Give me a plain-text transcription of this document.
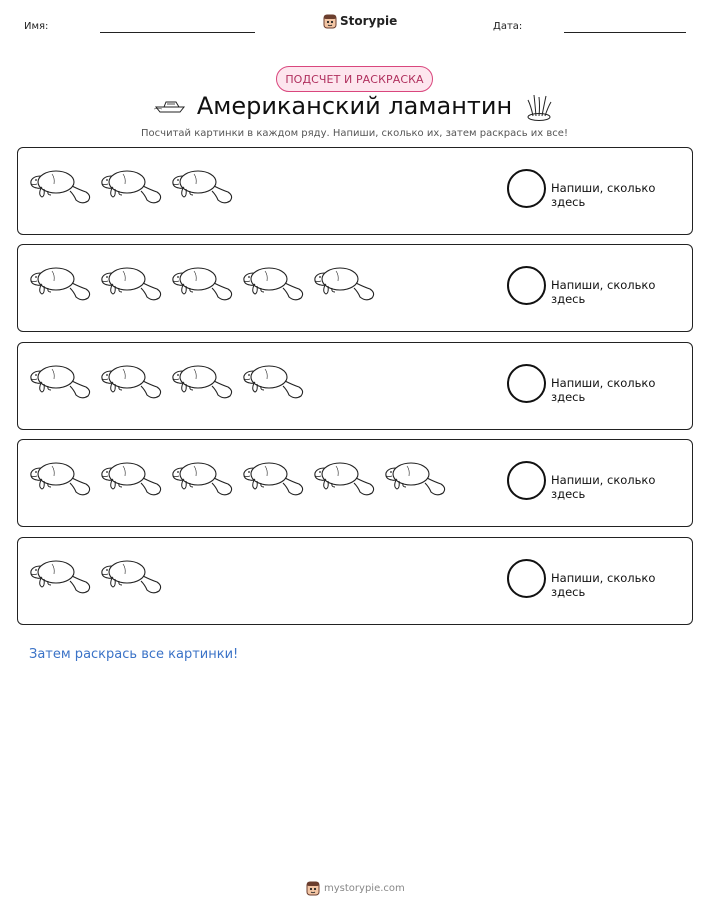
Имя:	Storypie	Дата:
ПОДСЧЕТ И РАСКРАСКА
Американский ламантин
Посчитай картинки в каждом ряду. Напиши, сколько их, затем раскрась их все!
Напиши, сколько здесь
Напиши, сколько здесь
Напиши, сколько здесь
Напиши, сколько здесь
Напиши, сколько здесь
Затем раскрась все картинки!
mystorypie.com
